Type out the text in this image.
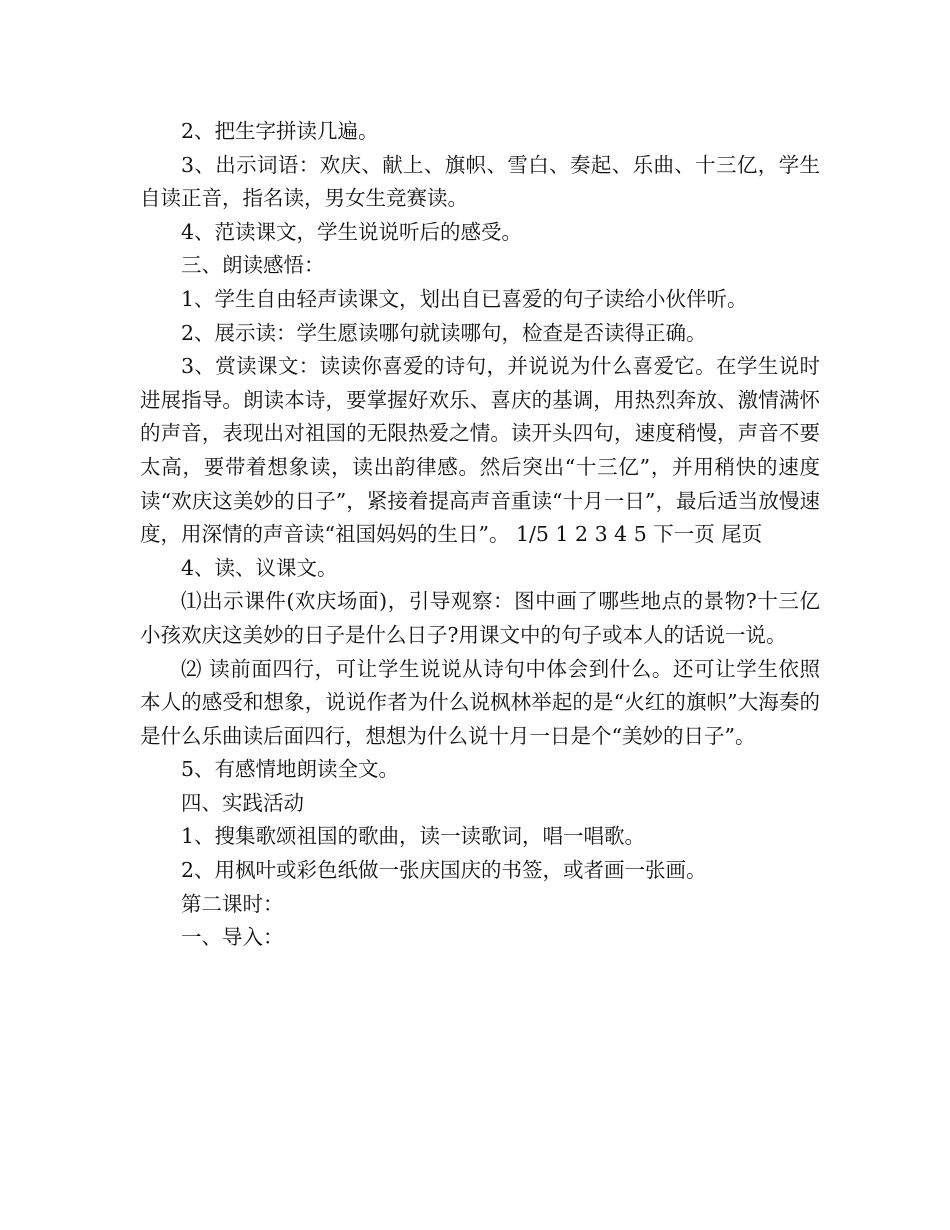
2、把生字拼读几遍。

3、出示词语：欢庆、献上、旗帜、雪白、奏起、乐曲、十三亿，学生自读正音，指名读，男女生竞赛读。

4、范读课文，学生说说听后的感受。

三、朗读感悟：

1、学生自由轻声读课文，划出自已喜爱的句子读给小伙伴听。

2、展示读：学生愿读哪句就读哪句，检查是否读得正确。

3、赏读课文：读读你喜爱的诗句，并说说为什么喜爱它。在学生说时进展指导。朗读本诗，要掌握好欢乐、喜庆的基调，用热烈奔放、激情满怀的声音，表现出对祖国的无限热爱之情。读开头四句，速度稍慢，声音不要太高，要带着想象读，读出韵律感。然后突出“十三亿”，并用稍快的速度读“欢庆这美妙的日子”，紧接着提高声音重读“十月一日”，最后适当放慢速度，用深情的声音读“祖国妈妈的生日”。 1/5 1 2 3 4 5 下一页 尾页

4、读、议课文。

⑴出示课件(欢庆场面)，引导观察：图中画了哪些地点的景物?十三亿小孩欢庆这美妙的日子是什么日子?用课文中的句子或本人的话说一说。

⑵ 读前面四行，可让学生说说从诗句中体会到什么。还可让学生依照本人的感受和想象，说说作者为什么说枫林举起的是“火红的旗帜”大海奏的是什么乐曲读后面四行，想想为什么说十月一日是个“美妙的日子”。

5、有感情地朗读全文。

四、实践活动

1、搜集歌颂祖国的歌曲，读一读歌词，唱一唱歌。

2、用枫叶或彩色纸做一张庆国庆的书签，或者画一张画。

第二课时：

一、导入：
